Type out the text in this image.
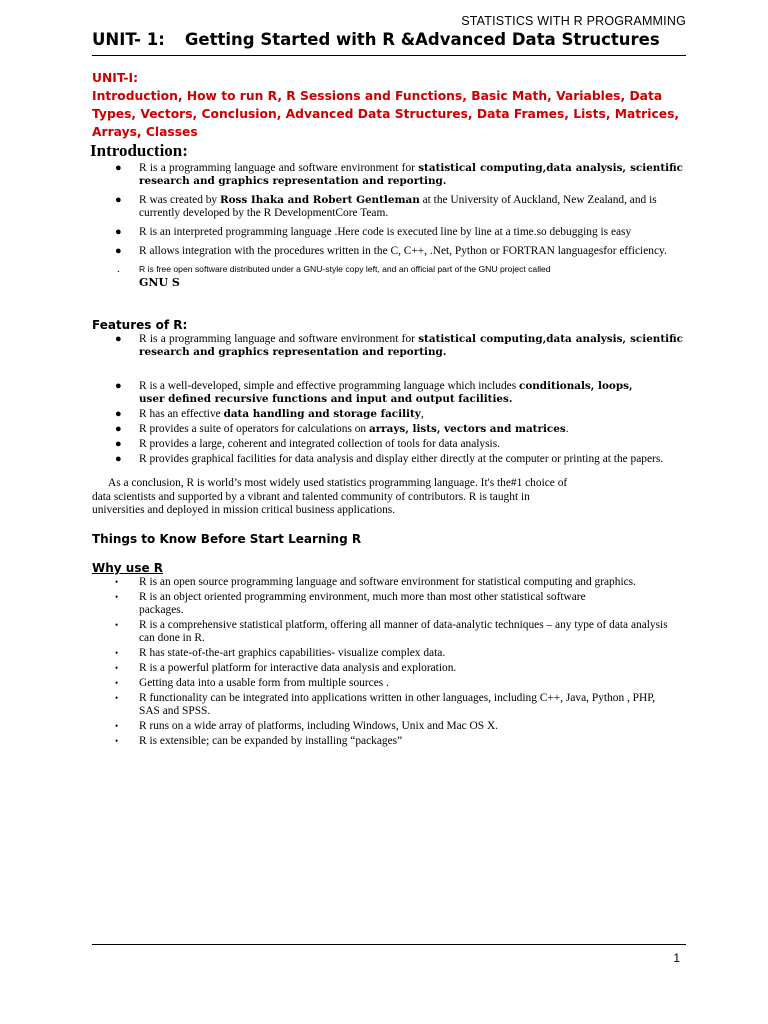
STATISTICS WITH R PROGRAMMING
UNIT- 1: Getting Started with R &Advanced Data Structures
UNIT-I:
Introduction, How to run R, R Sessions and Functions, Basic Math, Variables, Data Types, Vectors, Conclusion, Advanced Data Structures, Data Frames, Lists, Matrices, Arrays, Classes
Introduction:
● R is a programming language and software environment for statistical computing,data analysis, scientific research and graphics representation and reporting.
● R was created by Ross Ihaka and Robert Gentleman at the University of Auckland, New Zealand, and is currently developed by the R DevelopmentCore Team.
● R is an interpreted programming language .Here code is executed line by line at a time.so debugging is easy
● R allows integration with the procedures written in the C, C++, .Net, Python or FORTRAN languagesfor efficiency.
. R is free open software distributed under a GNU-style copy left, and an official part of the GNU project called
GNU S
Features of R:
● R is a programming language and software environment for statistical computing,data analysis, scientific research and graphics representation and reporting.
● R is a well-developed, simple and effective programming language which includes conditionals, loops, user defined recursive functions and input and output facilities.
● R has an effective data handling and storage facility,
● R provides a suite of operators for calculations on arrays, lists, vectors and matrices.
● R provides a large, coherent and integrated collection of tools for data analysis.
● R provides graphical facilities for data analysis and display either directly at the computer or printing at the papers.
As a conclusion, R is world’s most widely used statistics programming language. It's the#1 choice of
data scientists and supported by a vibrant and talented community of contributors. R is taught in
universities and deployed in mission critical business applications.
Things to Know Before Start Learning R
Why use R
• R is an open source programming language and software environment for statistical computing and graphics.
• R is an object oriented programming environment, much more than most other statistical software packages.
• R is a comprehensive statistical platform, offering all manner of data-analytic techniques – any type of data analysis can done in R.
• R has state-of-the-art graphics capabilities- visualize complex data.
• R is a powerful platform for interactive data analysis and exploration.
• Getting data into a usable form from multiple sources .
• R functionality can be integrated into applications written in other languages, including C++, Java, Python , PHP, SAS and SPSS.
• R runs on a wide array of platforms, including Windows, Unix and Mac OS X.
• R is extensible; can be expanded by installing “packages”
1
